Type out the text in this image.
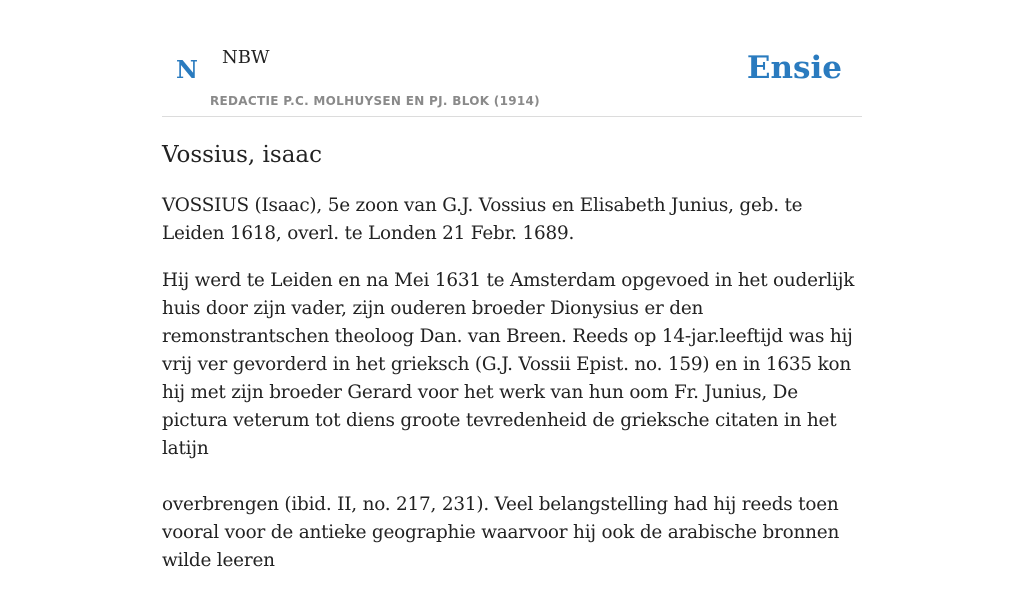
N NBW
REDACTIE P.C. MOLHUYSEN EN PJ. BLOK (1914)
Ensie
Vossius, isaac

VOSSIUS (Isaac), 5e zoon van G.J. Vossius en Elisabeth Junius, geb. te Leiden 1618, overl. te Londen 21 Febr. 1689.

Hij werd te Leiden en na Mei 1631 te Amsterdam opgevoed in het ouderlijk huis door zijn vader, zijn ouderen broeder Dionysius er den remonstrantschen theoloog Dan. van Breen. Reeds op 14-jar.leeftijd was hij vrij ver gevorderd in het grieksch (G.J. Vossii Epist. no. 159) en in 1635 kon hij met zijn broeder Gerard voor het werk van hun oom Fr. Junius, De pictura veterum tot diens groote tevredenheid de grieksche citaten in het latijn

overbrengen (ibid. II, no. 217, 231). Veel belangstelling had hij reeds toen vooral voor de antieke geographie waarvoor hij ook de arabische bronnen wilde leeren
